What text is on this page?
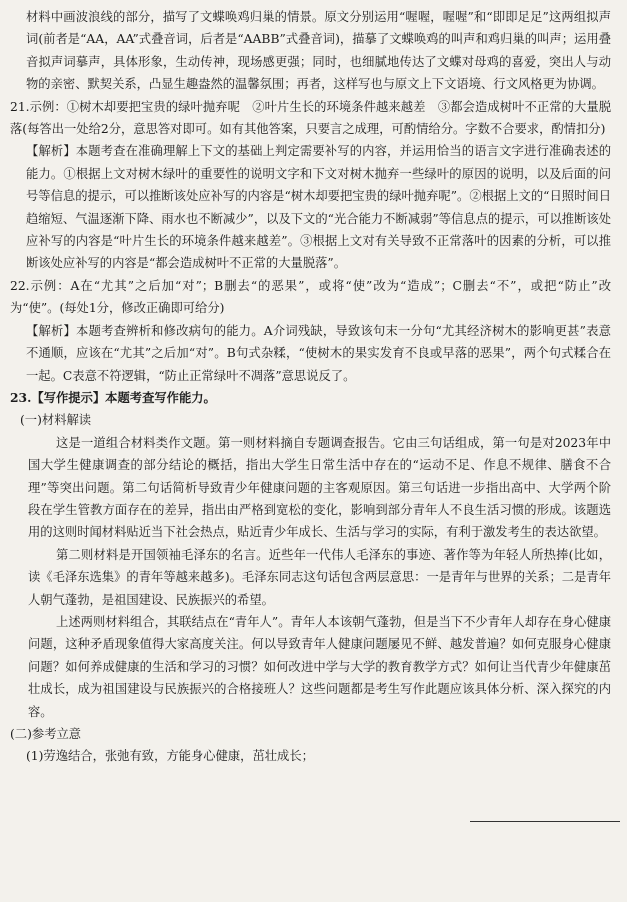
材料中画波浪线的部分，描写了文蝶唤鸡归巢的情景。原文分别运用“喔喔，喔喔”和“即即足足”这两组拟声词(前者是“AA，AA”式叠音词，后者是“AABB”式叠音词)，描摹了文蝶唤鸡的叫声和鸡归巢的叫声；运用叠音拟声词摹声，具体形象，生动传神，现场感更强；同时，也细腻地传达了文蝶对母鸡的喜爱，突出人与动物的亲密、默契关系，凸显生趣盎然的温馨氛围；再者，这样写也与原文上下文语境、行文风格更为协调。

21.示例：①树木却要把宝贵的绿叶抛弃呢　②叶片生长的环境条件越来越差　③都会造成树叶不正常的大量脱落(每答出一处给2分，意思答对即可。如有其他答案，只要言之成理，可酌情给分。字数不合要求，酌情扣分)

【解析】本题考查在准确理解上下文的基础上判定需要补写的内容，并运用恰当的语言文字进行准确表述的能力。①根据上文对树木绿叶的重要性的说明文字和下文对树木抛弃一些绿叶的原因的说明，以及后面的问号等信息的提示，可以推断该处应补写的内容是“树木却要把宝贵的绿叶抛弃呢”。②根据上文的“日照时间日趋缩短、气温逐渐下降、雨水也不断减少”，以及下文的“光合能力不断减弱”等信息点的提示，可以推断该处应补写的内容是“叶片生长的环境条件越来越差”。③根据上文对有关导致不正常落叶的因素的分析，可以推断该处应补写的内容是“都会造成树叶不正常的大量脱落”。

22.示例：A在“尤其”之后加“对”；B删去“的恶果”，或将“使”改为“造成”；C删去“不”，或把“防止”改为“使”。(每处1分，修改正确即可给分)

【解析】本题考查辨析和修改病句的能力。A介词残缺，导致该句末一分句“尤其经济树木的影响更甚”表意不通顺，应该在“尤其”之后加“对”。B句式杂糅，“使树木的果实发育不良或早落的恶果”，两个句式糅合在一起。C表意不符逻辑，“防止正常绿叶不凋落”意思说反了。

23.【写作提示】本题考查写作能力。

(一)材料解读

这是一道组合材料类作文题。第一则材料摘自专题调查报告。它由三句话组成，第一句是对2023年中国大学生健康调查的部分结论的概括，指出大学生日常生活中存在的“运动不足、作息不规律、膳食不合理”等突出问题。第二句话简析导致青少年健康问题的主客观原因。第三句话进一步指出高中、大学两个阶段在学生管教方面存在的差异，指出由严格到宽松的变化，影响到部分青年人不良生活习惯的形成。该题选用的这则时闻材料贴近当下社会热点，贴近青少年成长、生活与学习的实际，有利于激发考生的表达欲望。

第二则材料是开国领袖毛泽东的名言。近些年一代伟人毛泽东的事迹、著作等为年轻人所热捧(比如，读《毛泽东选集》的青年等越来越多)。毛泽东同志这句话包含两层意思：一是青年与世界的关系；二是青年人朝气蓬勃，是祖国建设、民族振兴的希望。

上述两则材料组合，其联结点在“青年人”。青年人本该朝气蓬勃，但是当下不少青年人却存在身心健康问题，这种矛盾现象值得大家高度关注。何以导致青年人健康问题屡见不鲜、越发普遍？如何克服身心健康问题？如何养成健康的生活和学习的习惯？如何改进中学与大学的教育教学方式？如何让当代青少年健康茁壮成长，成为祖国建设与民族振兴的合格接班人？这些问题都是考生写作此题应该具体分析、深入探究的内容。

(二)参考立意

(1)劳逸结合，张弛有致，方能身心健康，茁壮成长；
